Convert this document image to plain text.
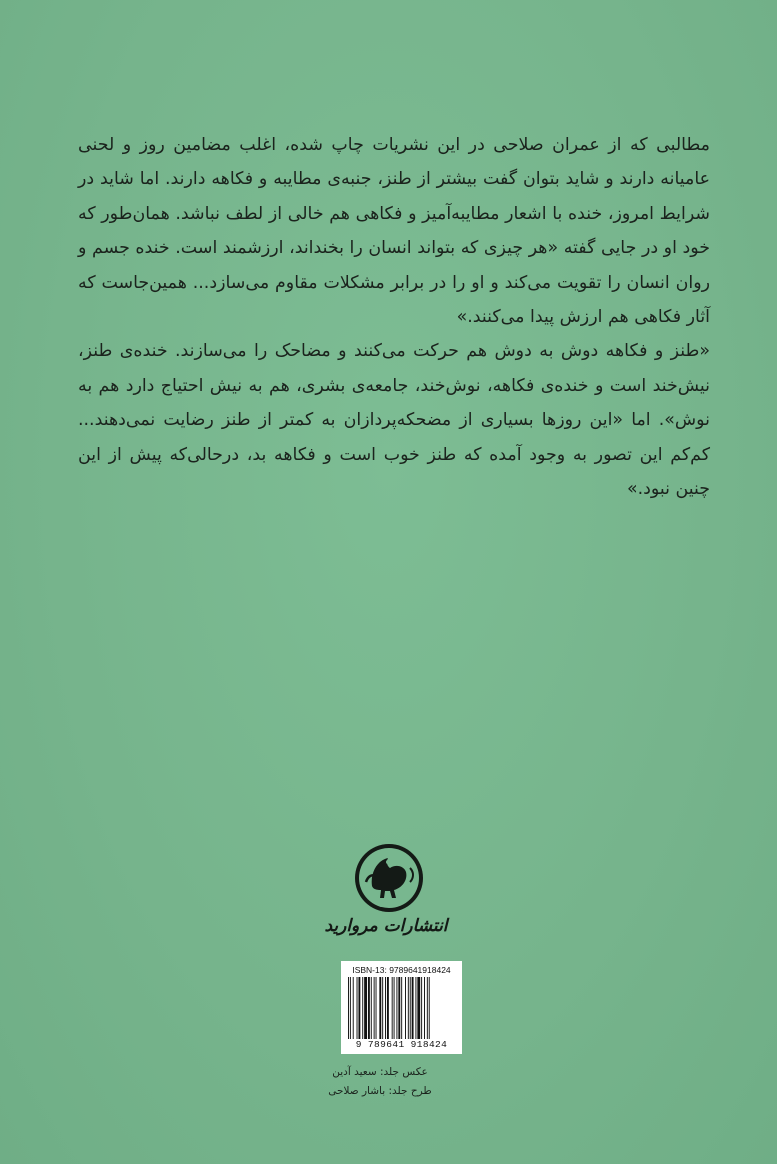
مطالبی که از عمران صلاحی در این نشریات چاپ شده، اغلب مضامین روز و لحنی عامیانه دارند و شاید بتوان گفت بیشتر از طنز، جنبه‌ی مطایبه و فکاهه دارند. اما شاید در شرایط امروز، خنده با اشعار مطایبه‌آمیز و فکاهی هم خالی از لطف نباشد. همان‌طور که خود او در جایی گفته «هر چیزی که بتواند انسان را بخنداند، ارزشمند است. خنده جسم و روان انسان را تقویت می‌کند و او را در برابر مشکلات مقاوم می‌سازد... همین‌جاست که آثار فکاهی هم ارزش پیدا می‌کنند.»

«طنز و فکاهه دوش به دوش هم حرکت می‌کنند و مضاحک را می‌سازند. خنده‌ی طنز، نیش‌خند است و خنده‌ی فکاهه، نوش‌خند، جامعه‌ی بشری، هم به نیش احتیاج دارد هم به نوش». اما «این روزها بسیاری از مضحکه‌پردازان به کمتر از طنز رضایت نمی‌دهند... کم‌کم این تصور به وجود آمده که طنز خوب است و فکاهه بد، درحالی‌که پیش از این چنین نبود.»

انتشارات مروارید
ISBN-13: 9789641918424
9 789641 918424
عکس جلد: سعید آدین
طرح جلد: باشار صلاحی
